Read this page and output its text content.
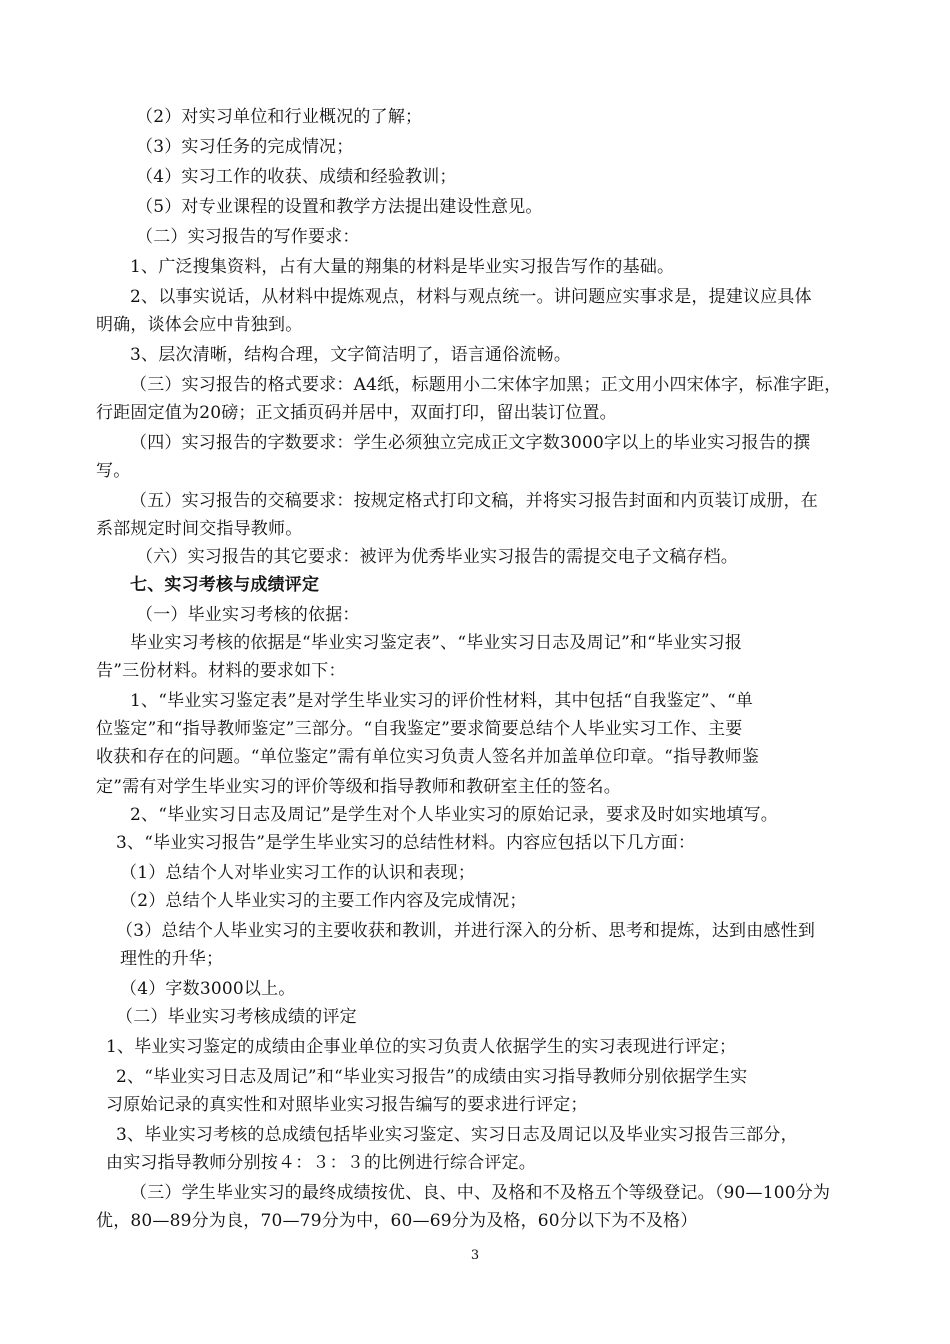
（2）对实习单位和行业概况的了解；
（3）实习任务的完成情况；
（4）实习工作的收获、成绩和经验教训；
（5）对专业课程的设置和教学方法提出建设性意见。
（二）实习报告的写作要求：
1、广泛搜集资料，占有大量的翔集的材料是毕业实习报告写作的基础。
2、以事实说话，从材料中提炼观点，材料与观点统一。讲问题应实事求是，提建议应具体
明确，谈体会应中肯独到。
3、层次清晰，结构合理，文字简洁明了，语言通俗流畅。
（三）实习报告的格式要求：A4纸，标题用小二宋体字加黑；正文用小四宋体字，标准字距，
行距固定值为20磅；正文插页码并居中，双面打印，留出装订位置。
（四）实习报告的字数要求：学生必须独立完成正文字数3000字以上的毕业实习报告的撰
写。
（五）实习报告的交稿要求：按规定格式打印文稿，并将实习报告封面和内页装订成册，在
系部规定时间交指导教师。
（六）实习报告的其它要求：被评为优秀毕业实习报告的需提交电子文稿存档。
七、实习考核与成绩评定
（一）毕业实习考核的依据：
毕业实习考核的依据是“毕业实习鉴定表”、“毕业实习日志及周记”和“毕业实习报
告”三份材料。材料的要求如下：
1、“毕业实习鉴定表”是对学生毕业实习的评价性材料，其中包括“自我鉴定”、“单
位鉴定”和“指导教师鉴定”三部分。“自我鉴定”要求简要总结个人毕业实习工作、主要
收获和存在的问题。“单位鉴定”需有单位实习负责人签名并加盖单位印章。“指导教师鉴
定”需有对学生毕业实习的评价等级和指导教师和教研室主任的签名。
2、“毕业实习日志及周记”是学生对个人毕业实习的原始记录，要求及时如实地填写。
3、“毕业实习报告”是学生毕业实习的总结性材料。内容应包括以下几方面：
（1）总结个人对毕业实习工作的认识和表现；
（2）总结个人毕业实习的主要工作内容及完成情况；
（3）总结个人毕业实习的主要收获和教训，并进行深入的分析、思考和提炼，达到由感性到
理性的升华；
（4）字数3000以上。
（二）毕业实习考核成绩的评定
1、毕业实习鉴定的成绩由企事业单位的实习负责人依据学生的实习表现进行评定；
2、“毕业实习日志及周记”和“毕业实习报告”的成绩由实习指导教师分别依据学生实
习原始记录的真实性和对照毕业实习报告编写的要求进行评定；
3、毕业实习考核的总成绩包括毕业实习鉴定、实习日志及周记以及毕业实习报告三部分，
由实习指导教师分别按４：３：３的比例进行综合评定。
（三）学生毕业实习的最终成绩按优、良、中、及格和不及格五个等级登记。（90—100分为
优，80—89分为良，70—79分为中，60—69分为及格，60分以下为不及格）
3
